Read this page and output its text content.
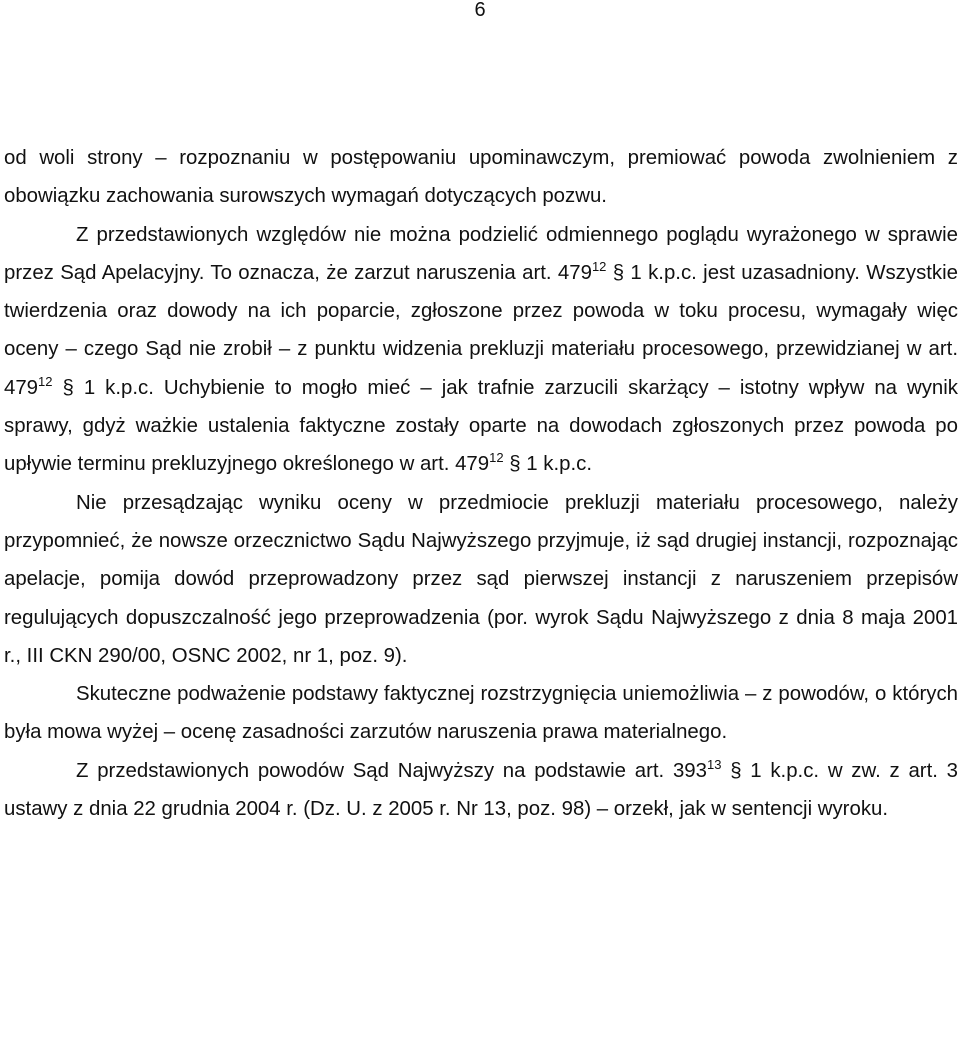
6

od woli strony – rozpoznaniu w postępowaniu upominawczym, premiować powoda zwolnieniem z obowiązku zachowania surowszych wymagań dotyczących pozwu.

Z przedstawionych względów nie można podzielić odmiennego poglądu wyrażonego w sprawie przez Sąd Apelacyjny. To oznacza, że zarzut naruszenia art. $479^{12}$ § 1 k.p.c. jest uzasadniony. Wszystkie twierdzenia oraz dowody na ich poparcie, zgłoszone przez powoda w toku procesu, wymagały więc oceny – czego Sąd nie zrobił – z punktu widzenia prekluzji materiału procesowego, przewidzianej w art. $479^{12}$ § 1 k.p.c. Uchybienie to mogło mieć – jak trafnie zarzucili skarżący – istotny wpływ na wynik sprawy, gdyż ważkie ustalenia faktyczne zostały oparte na dowodach zgłoszonych przez powoda po upływie terminu prekluzyjnego określonego w art. $479^{12}$ § 1 k.p.c.

Nie przesądzając wyniku oceny w przedmiocie prekluzji materiału procesowego, należy przypomnieć, że nowsze orzecznictwo Sądu Najwyższego przyjmuje, iż sąd drugiej instancji, rozpoznając apelacje, pomija dowód przeprowadzony przez sąd pierwszej instancji z naruszeniem przepisów regulujących dopuszczalność jego przeprowadzenia (por. wyrok Sądu Najwyższego z dnia 8 maja 2001 r., III CKN 290/00, OSNC 2002, nr 1, poz. 9).

Skuteczne podważenie podstawy faktycznej rozstrzygnięcia uniemożliwia – z powodów, o których była mowa wyżej – ocenę zasadności zarzutów naruszenia prawa materialnego.

Z przedstawionych powodów Sąd Najwyższy na podstawie art. $393^{13}$ § 1 k.p.c. w zw. z art. 3 ustawy z dnia 22 grudnia 2004 r. (Dz. U. z 2005 r. Nr 13, poz. 98) – orzekł, jak w sentencji wyroku.
